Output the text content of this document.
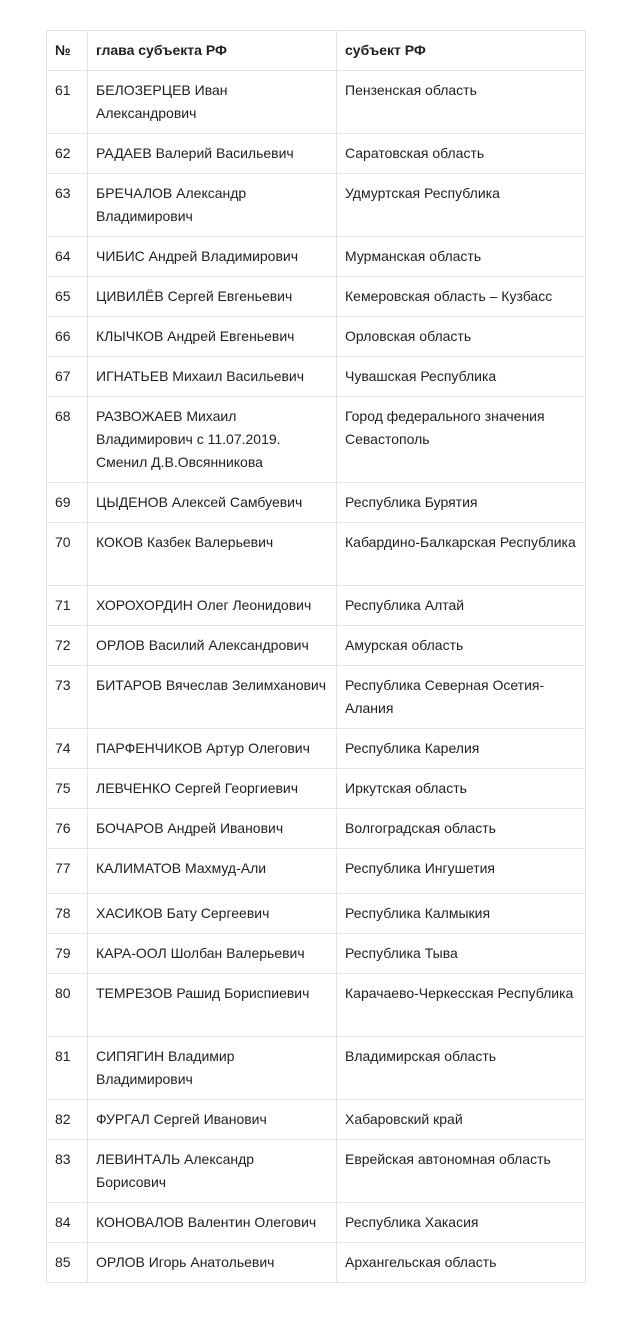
№	глава субъекта РФ	субъект РФ
61	БЕЛОЗЕРЦЕВ Иван Александрович	Пензенская область
62	РАДАЕВ Валерий Васильевич	Саратовская область
63	БРЕЧАЛОВ Александр Владимирович	Удмуртская Республика
64	ЧИБИС Андрей Владимирович	Мурманская область
65	ЦИВИЛЁВ Сергей Евгеньевич	Кемеровская область – Кузбасс
66	КЛЫЧКОВ Андрей Евгеньевич	Орловская область
67	ИГНАТЬЕВ Михаил Васильевич	Чувашская Республика
68	РАЗВОЖАЕВ Михаил Владимирович с 11.07.2019. Сменил Д.В.Овсянникова	Город федерального значения Севастополь
69	ЦЫДЕНОВ Алексей Самбуевич	Республика Бурятия
70	КОКОВ Казбек Валерьевич	Кабардино-Балкарская Республика
71	ХОРОХОРДИН Олег Леонидович	Республика Алтай
72	ОРЛОВ Василий Александрович	Амурская область
73	БИТАРОВ Вячеслав Зелимханович	Республика Северная Осетия-Алания
74	ПАРФЕНЧИКОВ Артур Олегович	Республика Карелия
75	ЛЕВЧЕНКО Сергей Георгиевич	Иркутская область
76	БОЧАРОВ Андрей Иванович	Волгоградская область
77	КАЛИМАТОВ Махмуд-Али	Республика Ингушетия
78	ХАСИКОВ Бату Сергеевич	Республика Калмыкия
79	КАРА-ООЛ Шолбан Валерьевич	Республика Тыва
80	ТЕМРЕЗОВ Рашид Бориспиевич	Карачаево-Черкесская Республика
81	СИПЯГИН Владимир Владимирович	Владимирская область
82	ФУРГАЛ Сергей Иванович	Хабаровский край
83	ЛЕВИНТАЛЬ Александр Борисович	Еврейская автономная область
84	КОНОВАЛОВ Валентин Олегович	Республика Хакасия
85	ОРЛОВ Игорь Анатольевич	Архангельская область
